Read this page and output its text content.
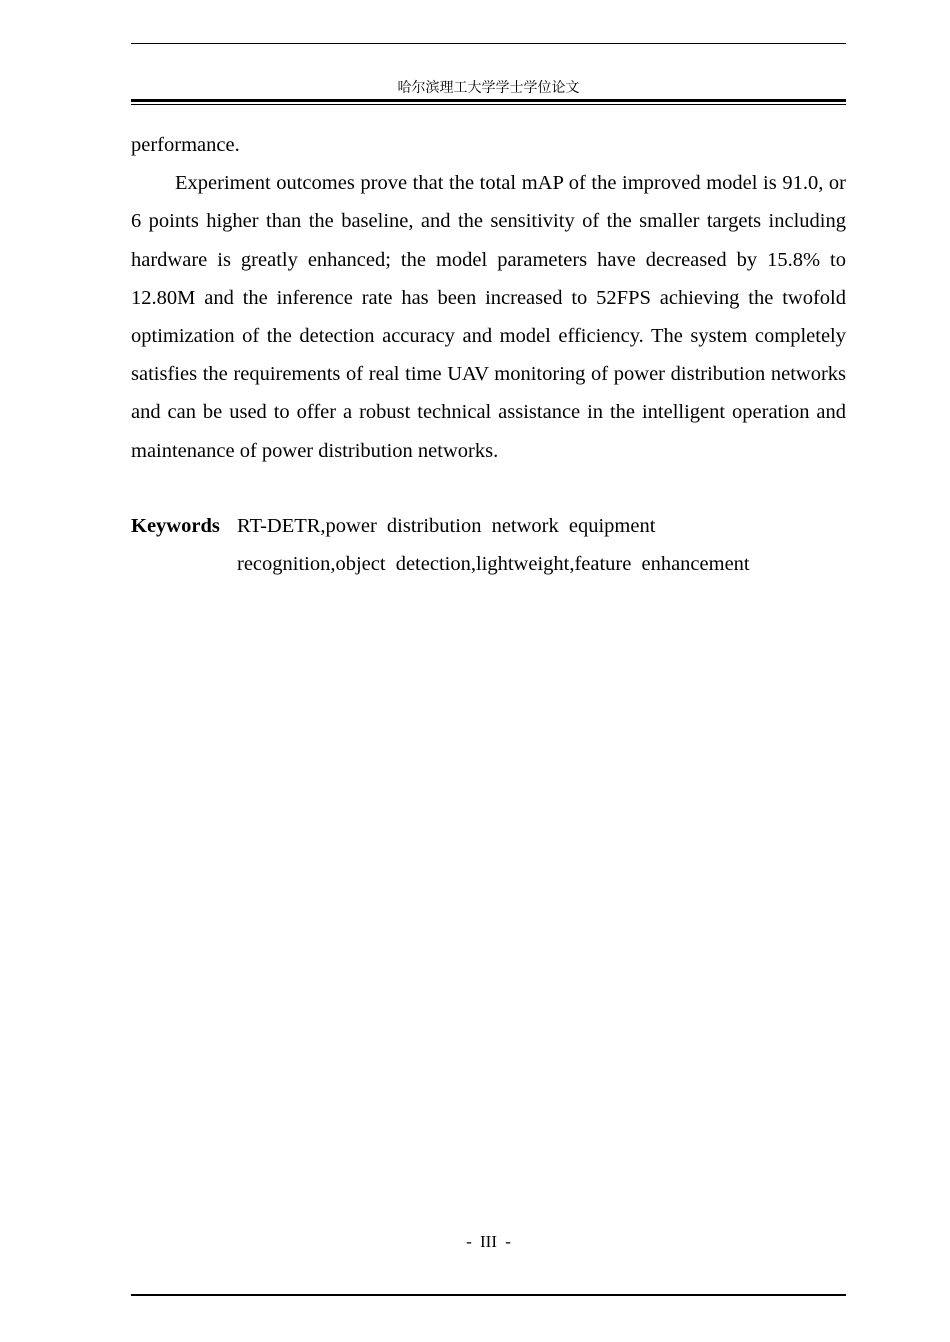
哈尔滨理工大学学士学位论文

performance.

Experiment outcomes prove that the total mAP of the improved model is 91.0, or 6 points higher than the baseline, and the sensitivity of the smaller targets including hardware is greatly enhanced; the model parameters have decreased by 15.8% to 12.80M and the inference rate has been increased to 52FPS achieving the twofold optimization of the detection accuracy and model efficiency. The system completely satisfies the requirements of real time UAV monitoring of power distribution networks and can be used to offer a robust technical assistance in the intelligent operation and maintenance of power distribution networks.

Keywords RT-DETR,power distribution network equipment
recognition,object detection,lightweight,feature enhancement
- III -
